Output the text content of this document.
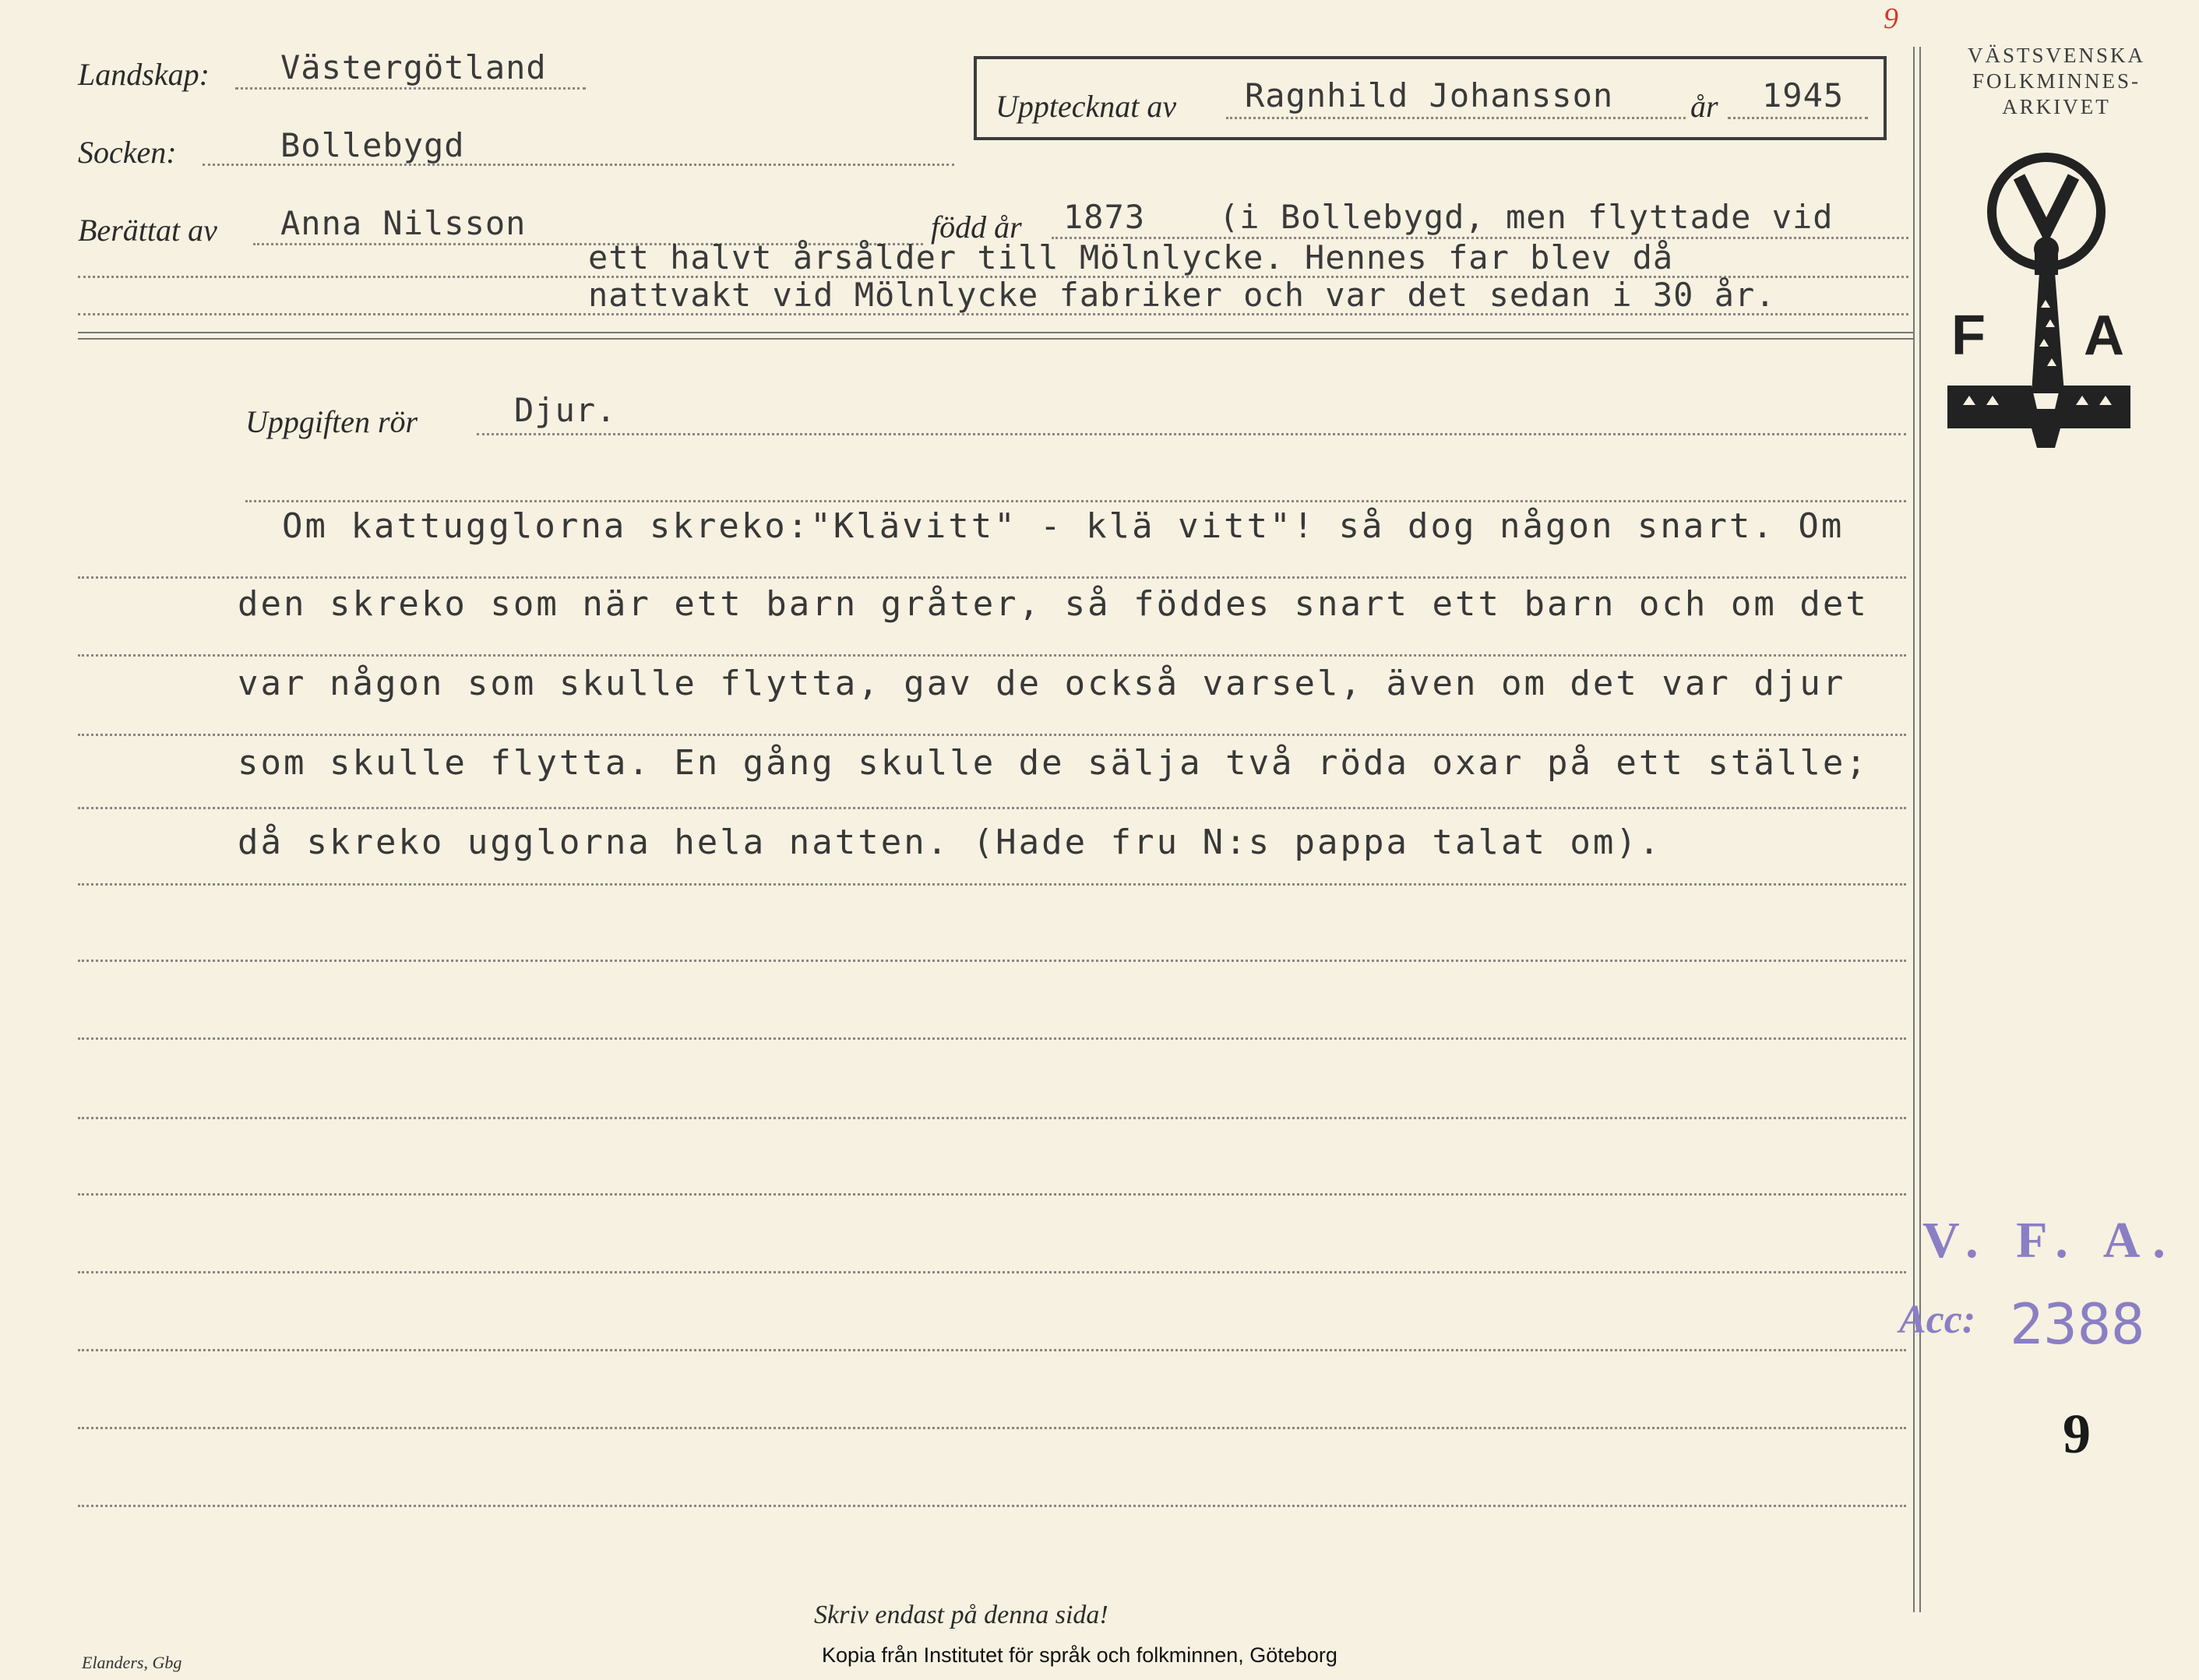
Landskap: Västergötland
Socken:	Bollebygd
Berättat av Anna Nilsson	född år 1873 (i Bollebygd, men flyttade vid
ett halvt årsålder till Mölnlycke. Hennes far blev då
nattvakt vid Mölnlycke fabriker och var det sedan i 30 år.
Upptecknat av Ragnhild Johansson år 1945
9
VÄSTSVENSKA
FOLKMINNES-
ARKIVET
F A
Uppgiften rör	Djur.
Om kattugglorna skreko:"Klävitt" - klä vitt"! så dog någon snart. Om
den skreko som när ett barn gråter, så föddes snart ett barn och om det
var någon som skulle flytta, gav de också varsel, även om det var djur
som skulle flytta. En gång skulle de sälja två röda oxar på ett ställe;
då skreko ugglorna hela natten. (Hade fru N:s pappa talat om).
V. F. A.
Acc: 2388
9
Skriv endast på denna sida!
Elanders, Gbg	Kopia från Institutet för språk och folkminnen, Göteborg
